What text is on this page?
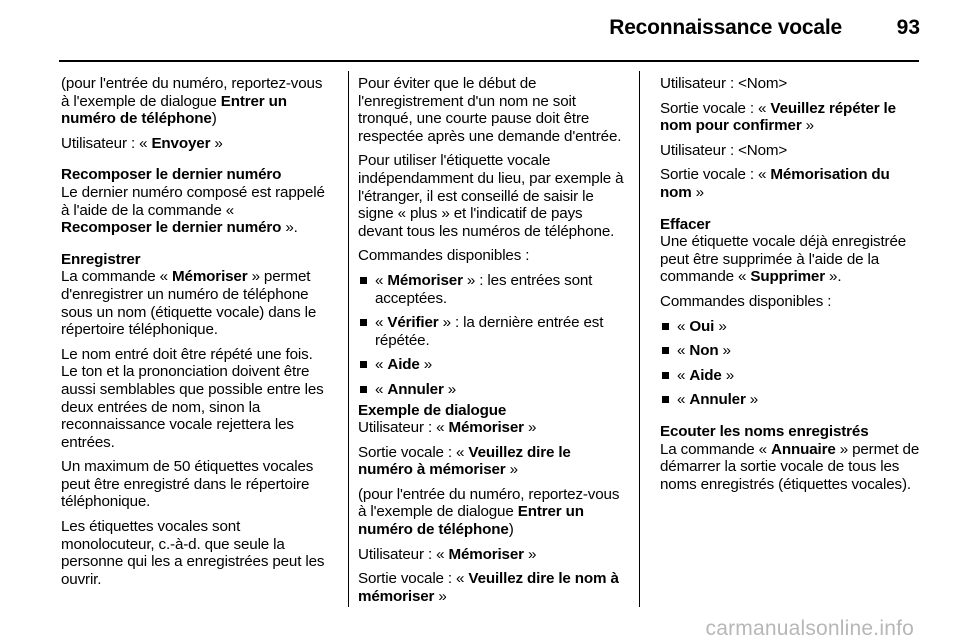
Reconnaissance vocale	93

(pour l'entrée du numéro, reportez-vous à l'exemple de dialogue Entrer un numéro de téléphone)

Utilisateur : « Envoyer »

Recomposer le dernier numéro
Le dernier numéro composé est rappelé à l'aide de la commande « Recomposer le dernier numéro ».

Enregistrer
La commande « Mémoriser » permet d'enregistrer un numéro de téléphone sous un nom (étiquette vocale) dans le répertoire téléphonique.

Le nom entré doit être répété une fois. Le ton et la prononciation doivent être aussi semblables que possible entre les deux entrées de nom, sinon la reconnaissance vocale rejettera les entrées.

Un maximum de 50 étiquettes vocales peut être enregistré dans le répertoire téléphonique.

Les étiquettes vocales sont monolocuteur, c.-à-d. que seule la personne qui les a enregistrées peut les ouvrir.

Pour éviter que le début de l'enregistrement d'un nom ne soit tronqué, une courte pause doit être respectée après une demande d'entrée.

Pour utiliser l'étiquette vocale indépendamment du lieu, par exemple à l'étranger, il est conseillé de saisir le signe « plus » et l'indicatif de pays devant tous les numéros de téléphone.

Commandes disponibles :

« Mémoriser » : les entrées sont acceptées.
« Vérifier » : la dernière entrée est répétée.
« Aide »
« Annuler »

Exemple de dialogue
Utilisateur : « Mémoriser »

Sortie vocale : « Veuillez dire le numéro à mémoriser »

(pour l'entrée du numéro, reportez-vous à l'exemple de dialogue Entrer un numéro de téléphone)

Utilisateur : « Mémoriser »

Sortie vocale : « Veuillez dire le nom à mémoriser »

Utilisateur : <Nom>

Sortie vocale : « Veuillez répéter le nom pour confirmer »

Utilisateur : <Nom>

Sortie vocale : « Mémorisation du nom »

Effacer
Une étiquette vocale déjà enregistrée peut être supprimée à l'aide de la commande « Supprimer ».

Commandes disponibles :

« Oui »
« Non »
« Aide »
« Annuler »

Ecouter les noms enregistrés
La commande « Annuaire » permet de démarrer la sortie vocale de tous les noms enregistrés (étiquettes vocales).

carmanualsonline.info
